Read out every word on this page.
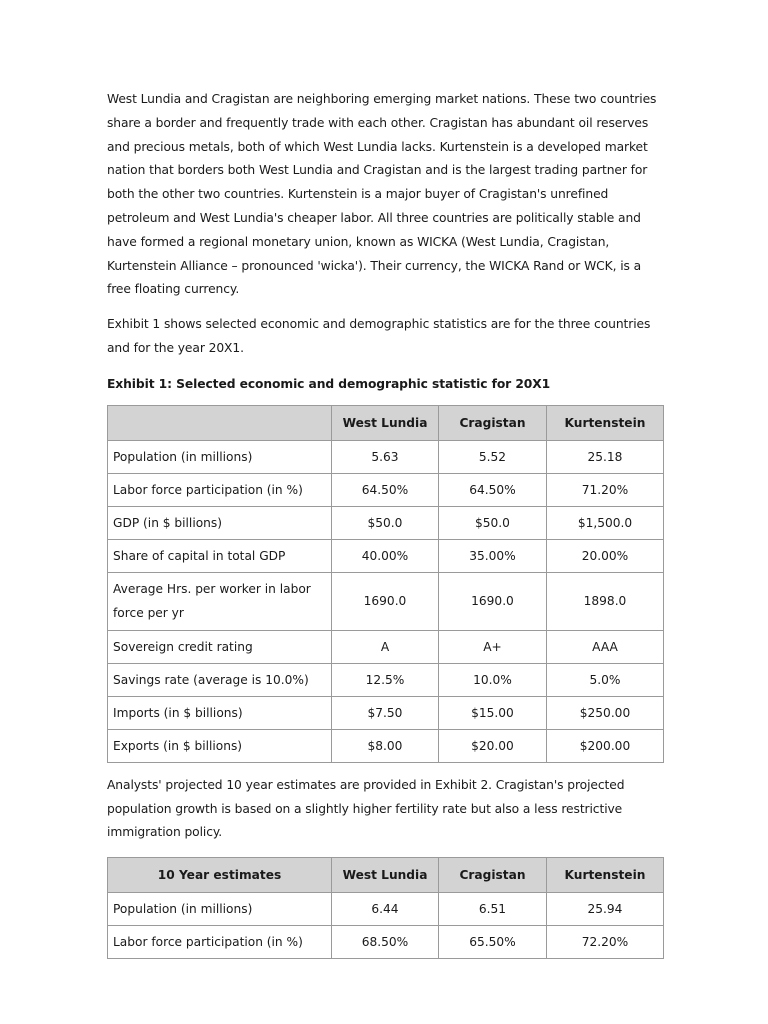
West Lundia and Cragistan are neighboring emerging market nations. These two countries share a border and frequently trade with each other. Cragistan has abundant oil reserves and precious metals, both of which West Lundia lacks. Kurtenstein is a developed market nation that borders both West Lundia and Cragistan and is the largest trading partner for both the other two countries. Kurtenstein is a major buyer of Cragistan's unrefined petroleum and West Lundia's cheaper labor. All three countries are politically stable and have formed a regional monetary union, known as WICKA (West Lundia, Cragistan, Kurtenstein Alliance – pronounced 'wicka'). Their currency, the WICKA Rand or WCK, is a free floating currency.

Exhibit 1 shows selected economic and demographic statistics are for the three countries and for the year 20X1.

Exhibit 1: Selected economic and demographic statistic for 20X1
	West Lundia	Cragistan	Kurtenstein
Population (in millions)	5.63	5.52	25.18
Labor force participation (in %)	64.50%	64.50%	71.20%
GDP (in $ billions)	$50.0	$50.0	$1,500.0
Share of capital in total GDP	40.00%	35.00%	20.00%
Average Hrs. per worker in labor force per yr	1690.0	1690.0	1898.0
Sovereign credit rating	A	A+	AAA
Savings rate (average is 10.0%)	12.5%	10.0%	5.0%
Imports (in $ billions)	$7.50	$15.00	$250.00
Exports (in $ billions)	$8.00	$20.00	$200.00

Analysts' projected 10 year estimates are provided in Exhibit 2. Cragistan's projected population growth is based on a slightly higher fertility rate but also a less restrictive immigration policy.

10 Year estimates	West Lundia	Cragistan	Kurtenstein
Population (in millions)	6.44	6.51	25.94
Labor force participation (in %)	68.50%	65.50%	72.20%
